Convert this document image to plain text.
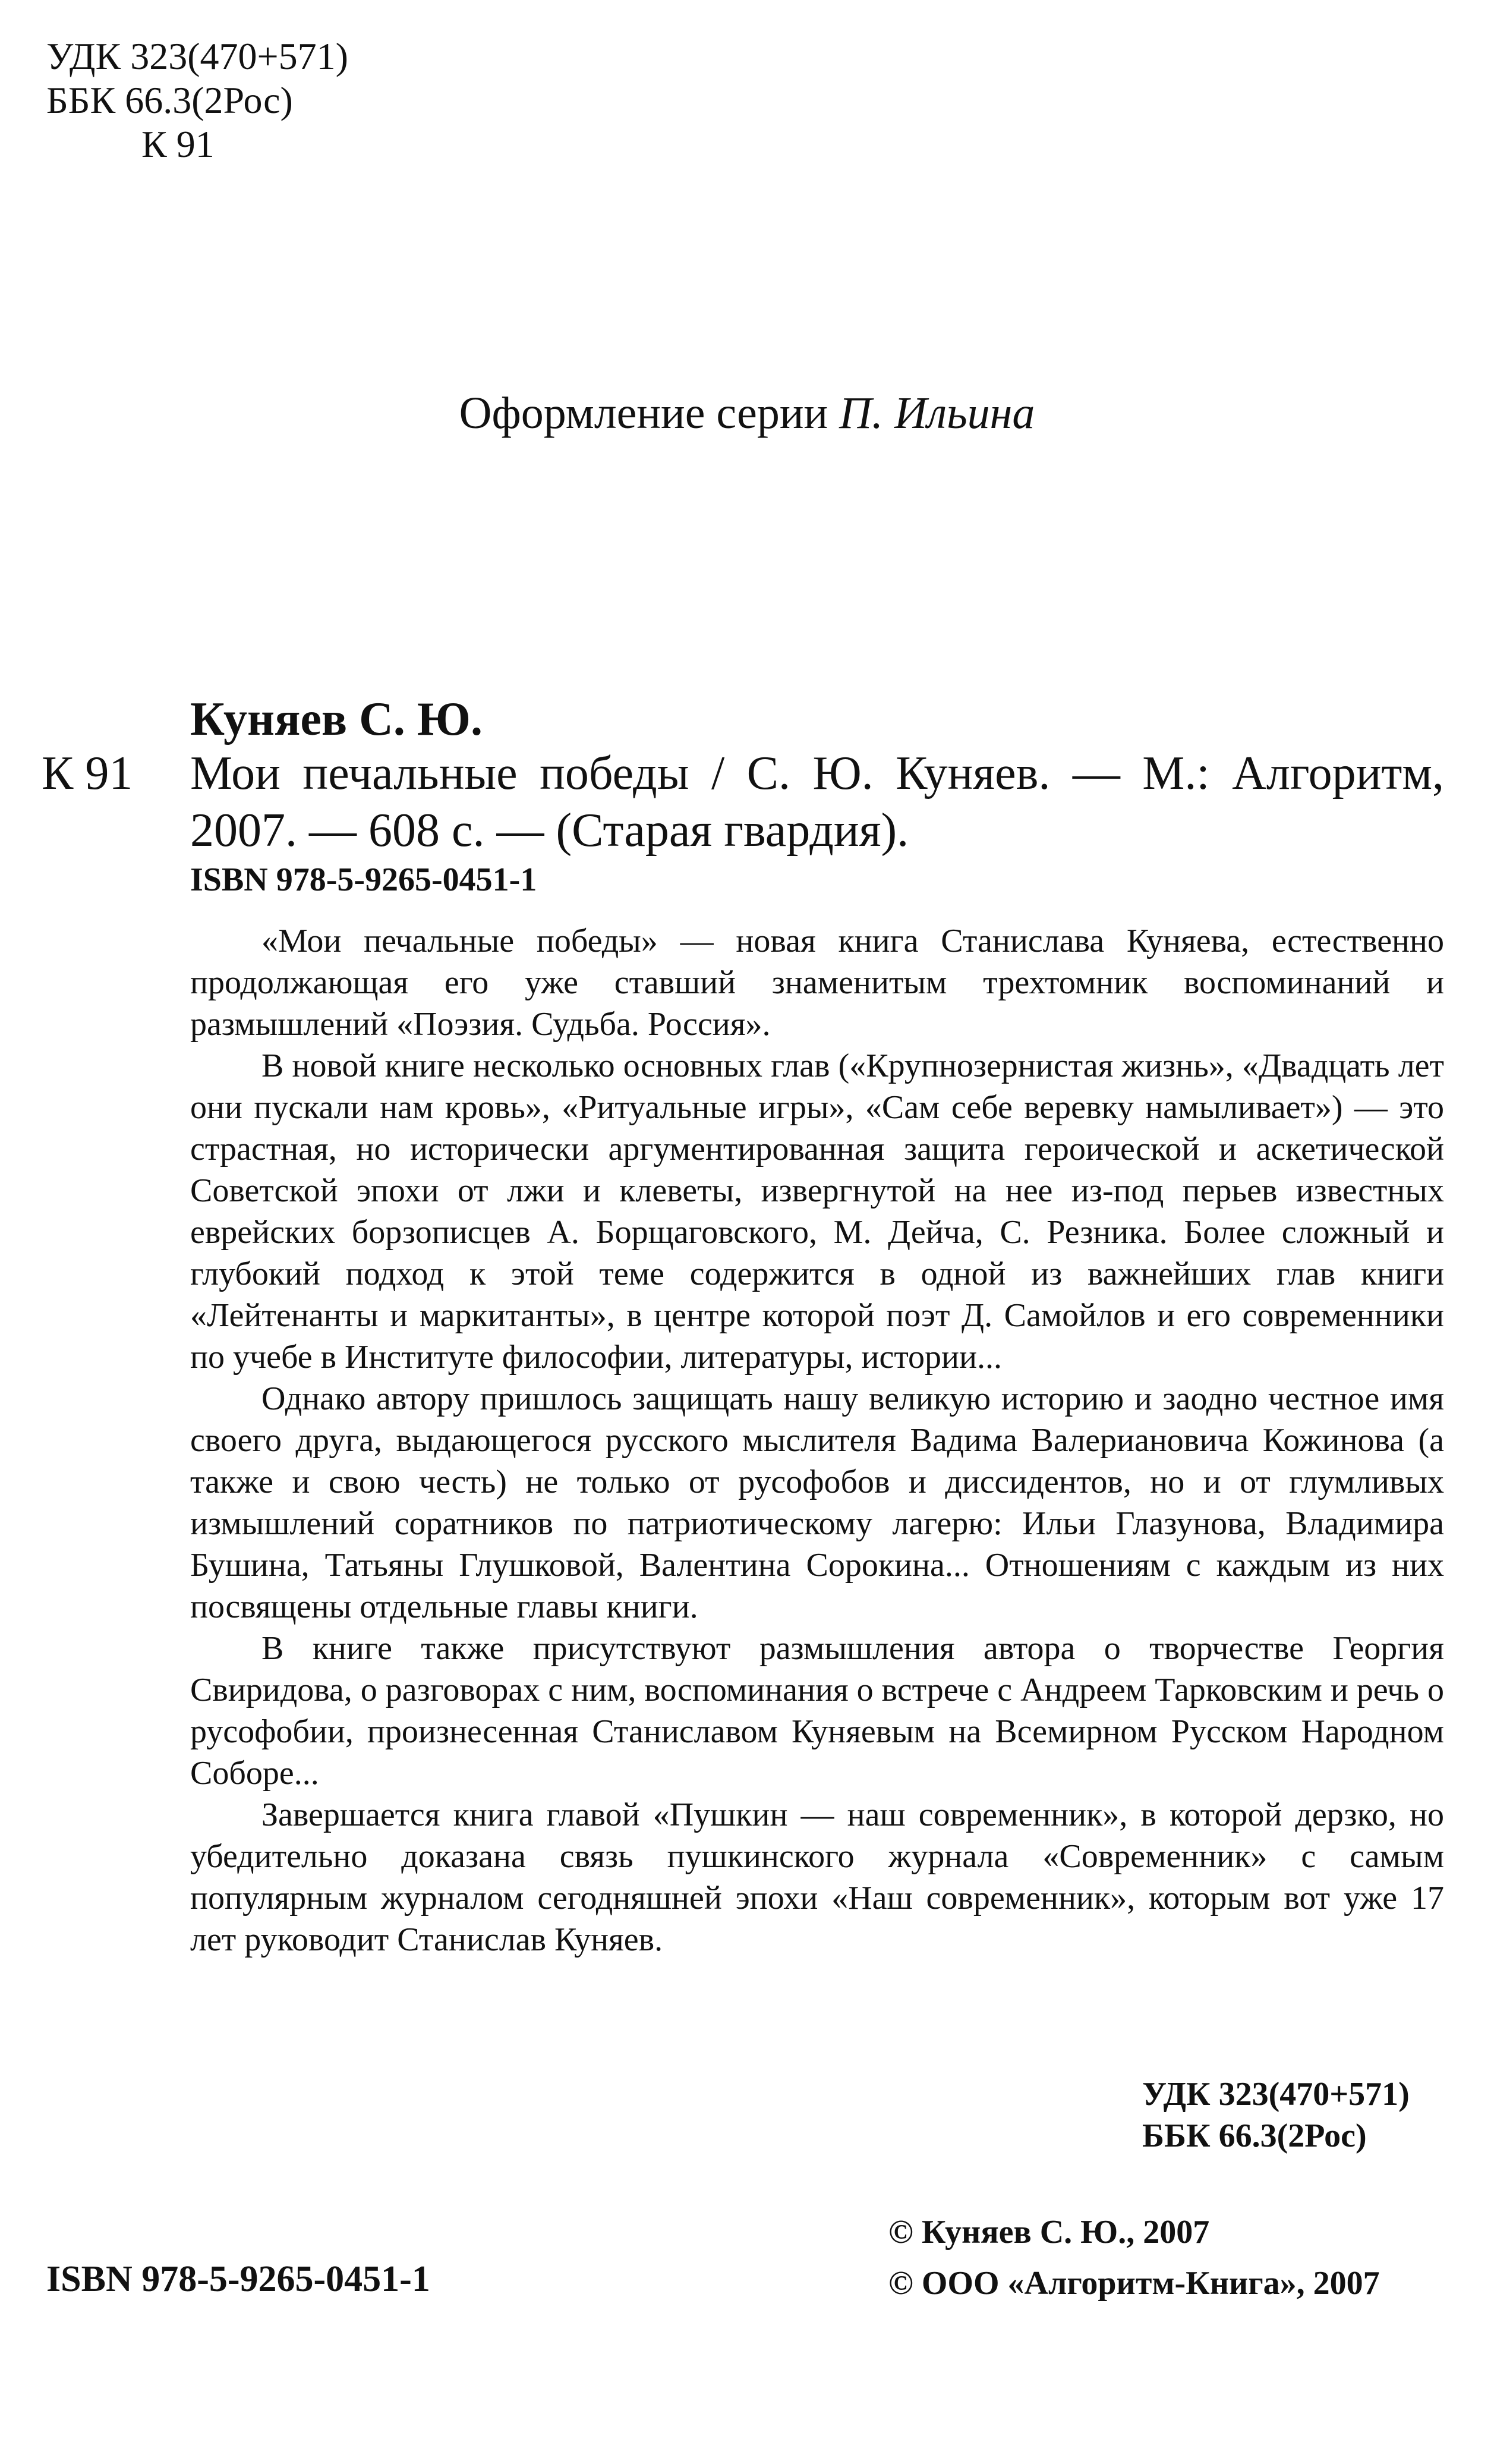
УДК 323(470+571)
ББК 66.3(2Рос)
К 91
Оформление серии П. Ильина
Куняев С. Ю.
К 91 Мои печальные победы / С. Ю. Куняев. — М.: Алгоритм, 2007. — 608 с. — (Старая гвардия).
ISBN 978-5-9265-0451-1

«Мои печальные победы» — новая книга Станислава Куняева, естественно продолжающая его уже ставший знаменитым трехтомник воспоминаний и размышлений «Поэзия. Судьба. Россия».

В новой книге несколько основных глав («Крупнозернистая жизнь», «Двадцать лет они пускали нам кровь», «Ритуальные игры», «Сам себе веревку намыливает») — это страстная, но исторически аргументированная защита героической и аскетической Советской эпохи от лжи и клеветы, извергнутой на нее из-под перьев известных еврейских борзописцев А. Борщаговского, М. Дейча, С. Резника. Более сложный и глубокий подход к этой теме содержится в одной из важнейших глав книги «Лейтенанты и маркитанты», в центре которой поэт Д. Самойлов и его современники по учебе в Институте философии, литературы, истории...

Однако автору пришлось защищать нашу великую историю и заодно честное имя своего друга, выдающегося русского мыслителя Вадима Валериановича Кожинова (а также и свою честь) не только от русофобов и диссидентов, но и от глумливых измышлений соратников по патриотическому лагерю: Ильи Глазунова, Владимира Бушина, Татьяны Глушковой, Валентина Сорокина... Отношениям с каждым из них посвящены отдельные главы книги.

В книге также присутствуют размышления автора о творчестве Георгия Свиридова, о разговорах с ним, воспоминания о встрече с Андреем Тарковским и речь о русофобии, произнесенная Станиславом Куняевым на Всемирном Русском Народном Соборе...

Завершается книга главой «Пушкин — наш современник», в которой дерзко, но убедительно доказана связь пушкинского журнала «Современник» с самым популярным журналом сегодняшней эпохи «Наш современник», которым вот уже 17 лет руководит Станислав Куняев.

УДК 323(470+571)
ББК 66.3(2Рос)
ISBN 978-5-9265-0451-1
© Куняев С. Ю., 2007
© ООО «Алгоритм-Книга», 2007
